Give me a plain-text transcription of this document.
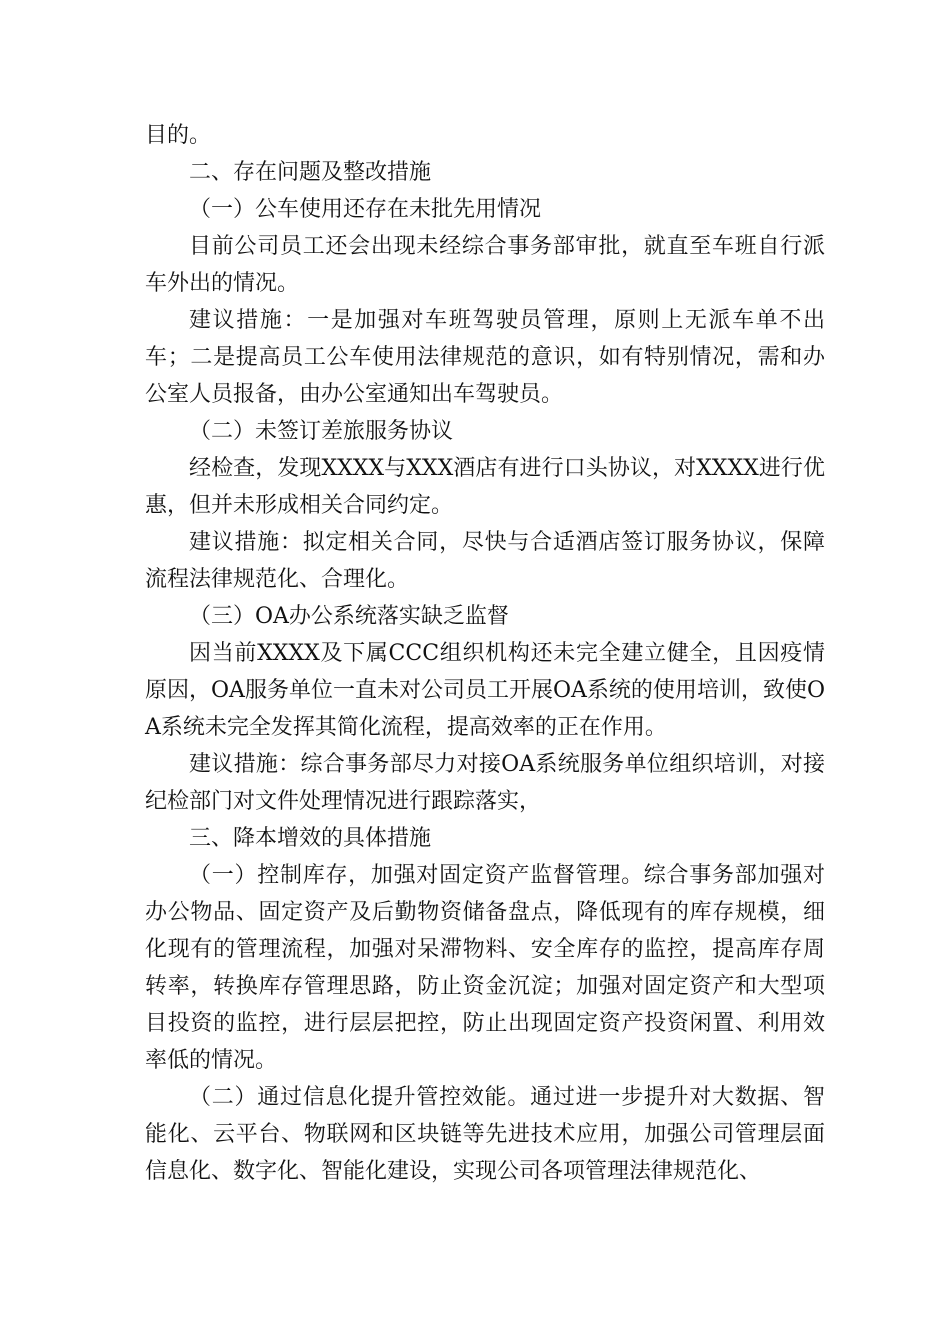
目的。

二、存在问题及整改措施

（一）公车使用还存在未批先用情况

目前公司员工还会出现未经综合事务部审批，就直至车班自行派车外出的情况。

建议措施：一是加强对车班驾驶员管理，原则上无派车单不出车；二是提高员工公车使用法律规范的意识，如有特别情况，需和办公室人员报备，由办公室通知出车驾驶员。

（二）未签订差旅服务协议

经检查，发现XXXX与XXX酒店有进行口头协议，对XXXX进行优惠，但并未形成相关合同约定。

建议措施：拟定相关合同，尽快与合适酒店签订服务协议，保障流程法律规范化、合理化。

（三）OA办公系统落实缺乏监督

因当前XXXX及下属CCC组织机构还未完全建立健全，且因疫情原因，OA服务单位一直未对公司员工开展OA系统的使用培训，致使OA系统未完全发挥其简化流程，提高效率的正在作用。

建议措施：综合事务部尽力对接OA系统服务单位组织培训，对接纪检部门对文件处理情况进行跟踪落实，

三、降本增效的具体措施

（一）控制库存，加强对固定资产监督管理。综合事务部加强对办公物品、固定资产及后勤物资储备盘点，降低现有的库存规模，细化现有的管理流程，加强对呆滞物料、安全库存的监控，提高库存周转率，转换库存管理思路，防止资金沉淀；加强对固定资产和大型项目投资的监控，进行层层把控，防止出现固定资产投资闲置、利用效率低的情况。

（二）通过信息化提升管控效能。通过进一步提升对大数据、智能化、云平台、物联网和区块链等先进技术应用，加强公司管理层面信息化、数字化、智能化建设，实现公司各项管理法律规范化、
